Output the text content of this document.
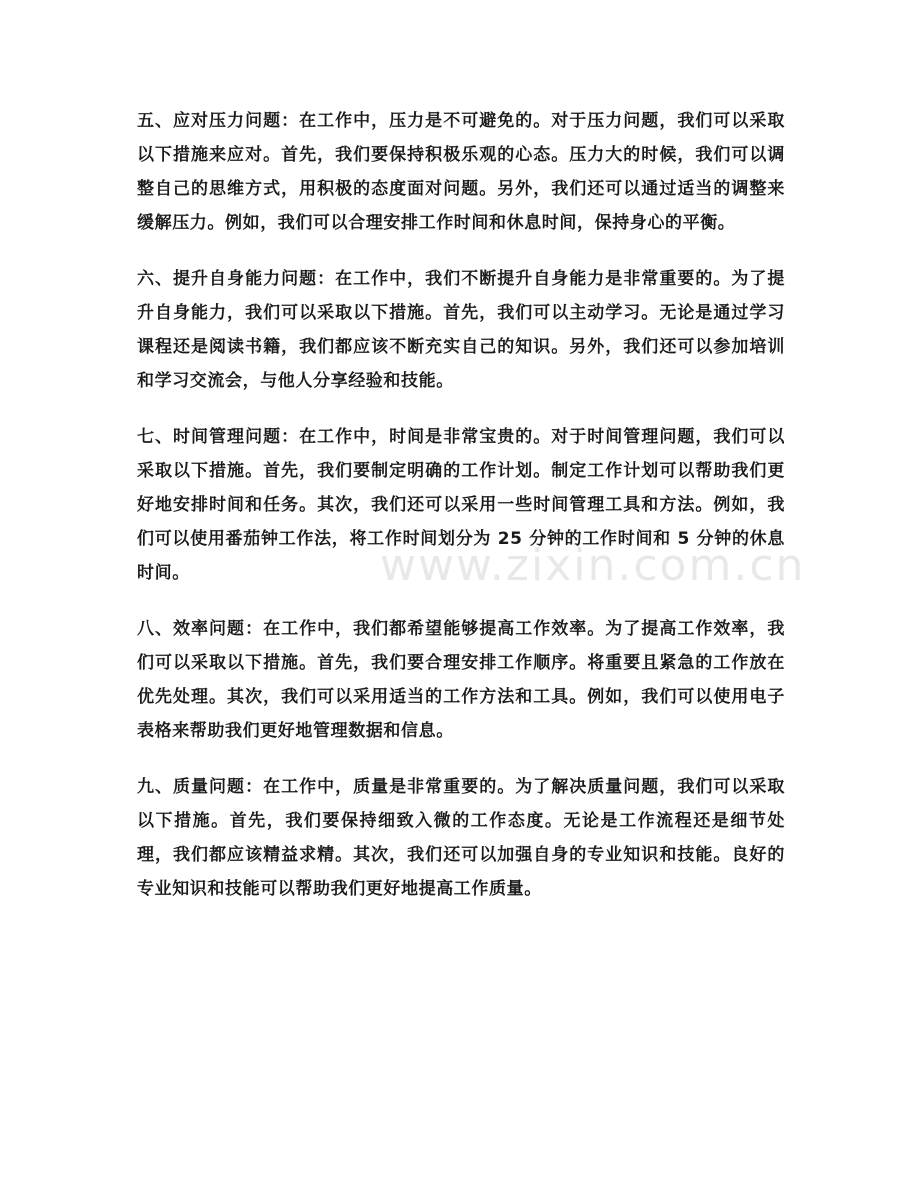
五、应对压力问题：在工作中，压力是不可避免的。对于压力问题，我们可以采取以下措施来应对。首先，我们要保持积极乐观的心态。压力大的时候，我们可以调整自己的思维方式，用积极的态度面对问题。另外，我们还可以通过适当的调整来缓解压力。例如，我们可以合理安排工作时间和休息时间，保持身心的平衡。

六、提升自身能力问题：在工作中，我们不断提升自身能力是非常重要的。为了提升自身能力，我们可以采取以下措施。首先，我们可以主动学习。无论是通过学习课程还是阅读书籍，我们都应该不断充实自己的知识。另外，我们还可以参加培训和学习交流会，与他人分享经验和技能。

七、时间管理问题：在工作中，时间是非常宝贵的。对于时间管理问题，我们可以采取以下措施。首先，我们要制定明确的工作计划。制定工作计划可以帮助我们更好地安排时间和任务。其次，我们还可以采用一些时间管理工具和方法。例如，我们可以使用番茄钟工作法，将工作时间划分为 25 分钟的工作时间和 5 分钟的休息时间。

八、效率问题：在工作中，我们都希望能够提高工作效率。为了提高工作效率，我们可以采取以下措施。首先，我们要合理安排工作顺序。将重要且紧急的工作放在优先处理。其次，我们可以采用适当的工作方法和工具。例如，我们可以使用电子表格来帮助我们更好地管理数据和信息。

九、质量问题：在工作中，质量是非常重要的。为了解决质量问题，我们可以采取以下措施。首先，我们要保持细致入微的工作态度。无论是工作流程还是细节处理，我们都应该精益求精。其次，我们还可以加强自身的专业知识和技能。良好的专业知识和技能可以帮助我们更好地提高工作质量。

www.zixin.com.cn
